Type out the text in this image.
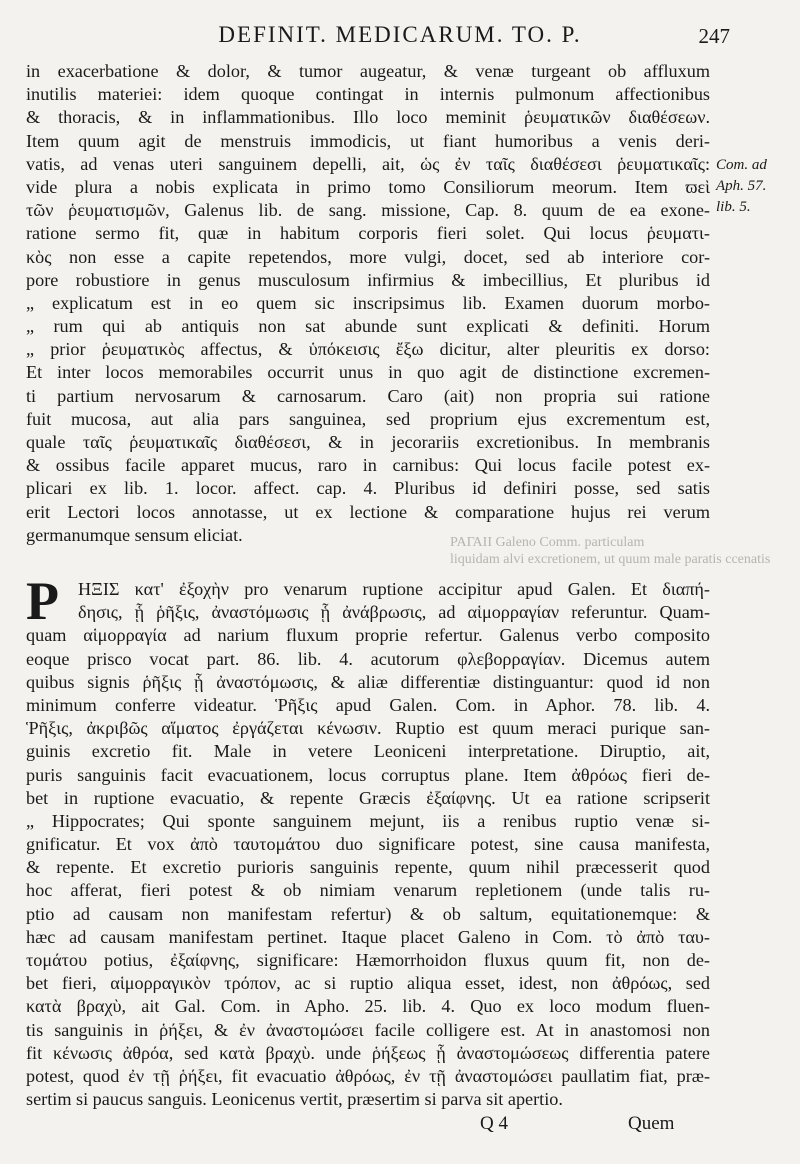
DEFINIT. MEDICARUM. TO. P.	247
in exacerbatione & dolor, & tumor augeatur, & venæ turgeant ob affluxum
inutilis materiei: idem quoque contingat in internis pulmonum affectionibus
& thoracis, & in inflammationibus. Illo loco meminit ῥευματικῶν διαθέσεων.
Item quum agit de menstruis immodicis, ut fiant humoribus a venis deri-
vatis, ad venas uteri sanguinem depelli, ait, ὡς ἐν ταῖς διαθέσεσι ῥευματικαῖς:
vide plura a nobis explicata in primo tomo Consiliorum meorum. Item ϖεὶ
τῶν ῥευματισμῶν, Galenus lib. de sang. missione, Cap. 8. quum de ea exone-
ratione sermo fit, quæ in habitum corporis fieri solet. Qui locus ῥευματι-
κὸς non esse a capite repetendos, more vulgi, docet, sed ab interiore cor-
pore robustiore in genus musculosum infirmius & imbecillius, Et pluribus id
„ explicatum est in eo quem sic inscripsimus lib. Examen duorum morbo-
„ rum qui ab antiquis non sat abunde sunt explicati & definiti. Horum
„ prior ῥευματικὸς affectus, & ὑπόκεισις ἔξω dicitur, alter pleuritis ex dorso:
Et inter locos memorabiles occurrit unus in quo agit de distinctione excremen-
ti partium nervosarum & carnosarum. Caro (ait) non propria sui ratione
fuit mucosa, aut alia pars sanguinea, sed proprium ejus excrementum est,
quale ταῖς ῥευματικαῖς διαθέσεσι, & in jecorariis excretionibus. In membranis
& ossibus facile apparet mucus, raro in carnibus: Qui locus facile potest ex-
plicari ex lib. 1. locor. affect. cap. 4. Pluribus id definiri posse, sed satis
erit Lectori locos annotasse, ut ex lectione & comparatione hujus rei verum
germanumque sensum eliciat.
Com. ad
Aph. 57.
lib. 5.
ΡΑΓΑΙΙ Galeno Comm. particulam
liquidam alvi excretionem, ut quum male paratis ccenatis
P	ΗΞΙΣ κατ' ἐξοχὴν pro venarum ruptione accipitur apud Galen. Et διαπή-
δησις, ᾗ ῥῆξις, ἀναστόμωσις ᾗ ἀνάβρωσις, ad αἱμορραγίαν referuntur. Quam-
quam αἱμορραγία ad narium fluxum proprie refertur. Galenus verbo composito
eoque prisco vocat part. 86. lib. 4. acutorum φλεβορραγίαν. Dicemus autem
quibus signis ῥῆξις ᾗ ἀναστόμωσις, & aliæ differentiæ distinguantur: quod id non
minimum conferre videatur. Ῥῆξις apud Galen. Com. in Aphor. 78. lib. 4.
Ῥῆξις, ἀκριβῶς αἵματος ἐργάζεται κένωσιν. Ruptio est quum meraci purique san-
guinis excretio fit. Male in vetere Leoniceni interpretatione. Diruptio, ait,
puris sanguinis facit evacuationem, locus corruptus plane. Item ἀθρόως fieri de-
bet in ruptione evacuatio, & repente Græcis ἐξαίφνης. Ut ea ratione scripserit
„ Hippocrates; Qui sponte sanguinem mejunt, iis a renibus ruptio venæ si-
gnificatur. Et vox ἀπὸ ταυτομάτου duo significare potest, sine causa manifesta,
& repente. Et excretio purioris sanguinis repente, quum nihil præcesserit quod
hoc afferat, fieri potest & ob nimiam venarum repletionem (unde talis ru-
ptio ad causam non manifestam refertur) & ob saltum, equitationemque: &
hæc ad causam manifestam pertinet. Itaque placet Galeno in Com. τὸ ἀπὸ ταυ-
τομάτου potius, ἐξαίφνης, significare: Hæmorrhoidon fluxus quum fit, non de-
bet fieri, αἱμορραγικὸν τρόπον, ac si ruptio aliqua esset, idest, non ἀθρόως, sed
κατὰ βραχὺ, ait Gal. Com. in Apho. 25. lib. 4. Quo ex loco modum fluen-
tis sanguinis in ῥήξει, & ἐν ἀναστομώσει facile colligere est. At in anastomosi non
fit κένωσις ἀθρόα, sed κατὰ βραχὺ. unde ῥήξεως ᾗ ἀναστομώσεως differentia patere
potest, quod ἐν τῇ ῥήξει, fit evacuatio ἀθρόως, ἐν τῇ ἀναστομώσει paullatim fiat, præ-
sertim si paucus sanguis. Leonicenus vertit, præsertim si parva sit apertio.
Q 4	Quem
